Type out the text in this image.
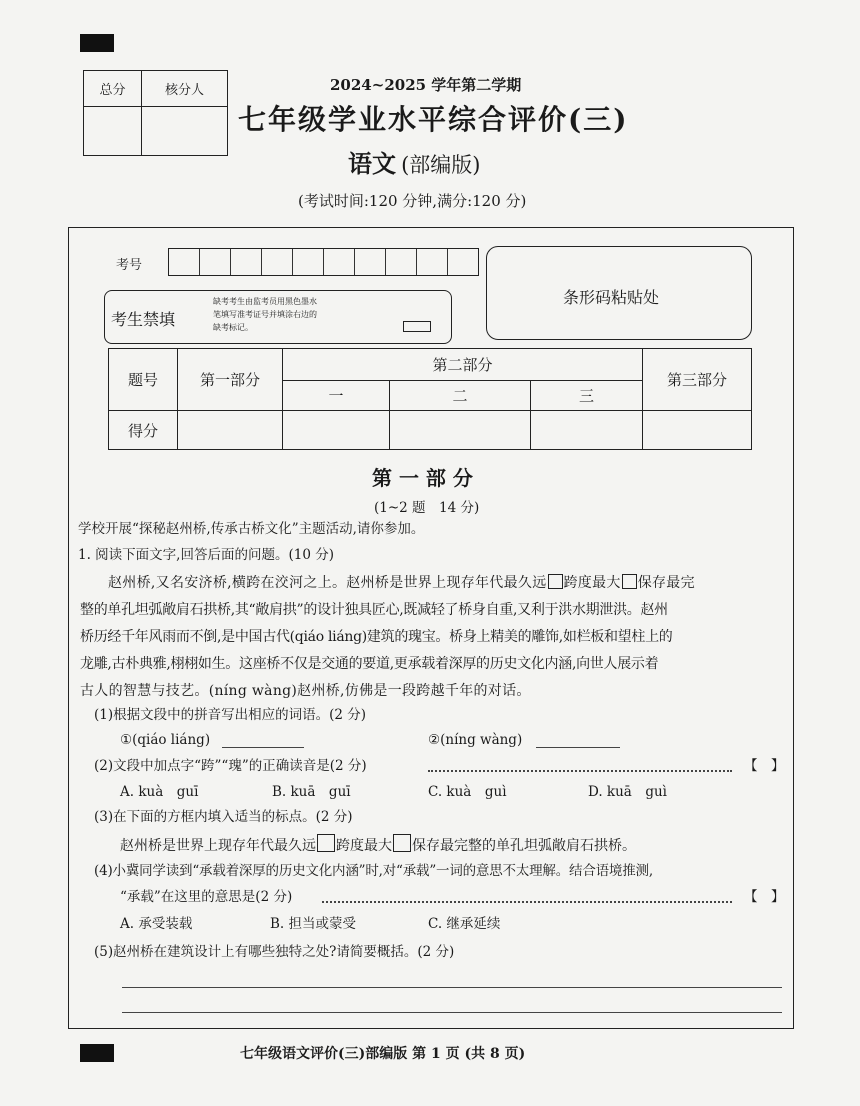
总分	核分人
		2024~2025 学年第二学期
七年级学业水平综合评价(三)
语文 (部编版)
(考试时间:120 分钟,满分:120 分)
考号
考生禁填
缺考考生由监考员用黑色墨水
笔填写准考证号并填涂右边的
缺考标记。
条形码粘贴处
题号	第一部分	第二部分			第三部分
		一	二	三	
得分					
第 一 部 分
(1~2 题　14 分)
学校开展“探秘赵州桥,传承古桥文化”主题活动,请你参加。
1. 阅读下面文字,回答后面的问题。(10 分)
赵州桥,又名安济桥,横跨在洨河之上。赵州桥是世界上现存年代最久远 跨度最大 保存最完
整的单孔坦弧敞肩石拱桥,其“敞肩拱”的设计独具匠心,既减轻了桥身自重,又利于洪水期泄洪。赵州
桥历经千年风雨而不倒,是中国古代(qiáo liáng)建筑的瑰宝。桥身上精美的雕饰,如栏板和望柱上的
龙雕,古朴典雅,栩栩如生。这座桥不仅是交通的要道,更承载着深厚的历史文化内涵,向世人展示着
古人的智慧与技艺。(níng wàng)赵州桥,仿佛是一段跨越千年的对话。
(1)根据文段中的拼音写出相应的词语。(2 分)
①(qiáo liáng)	②(níng wàng)
(2)文段中加点字“跨”“瑰”的正确读音是(2 分)	【　】
A. kuà　guī	B. kuā　guī	C. kuà　guì	D. kuā　guì
(3)在下面的方框内填入适当的标点。(2 分)
赵州桥是世界上现存年代最久远 跨度最大 保存最完整的单孔坦弧敞肩石拱桥。
(4)小冀同学读到“承载着深厚的历史文化内涵”时,对“承载”一词的意思不太理解。结合语境推测,
“承载”在这里的意思是(2 分)	【　】
A. 承受装载	B. 担当或蒙受	C. 继承延续
(5)赵州桥在建筑设计上有哪些独特之处?请简要概括。(2 分)
七年级语文评价(三)部编版 第 1 页 (共 8 页)
